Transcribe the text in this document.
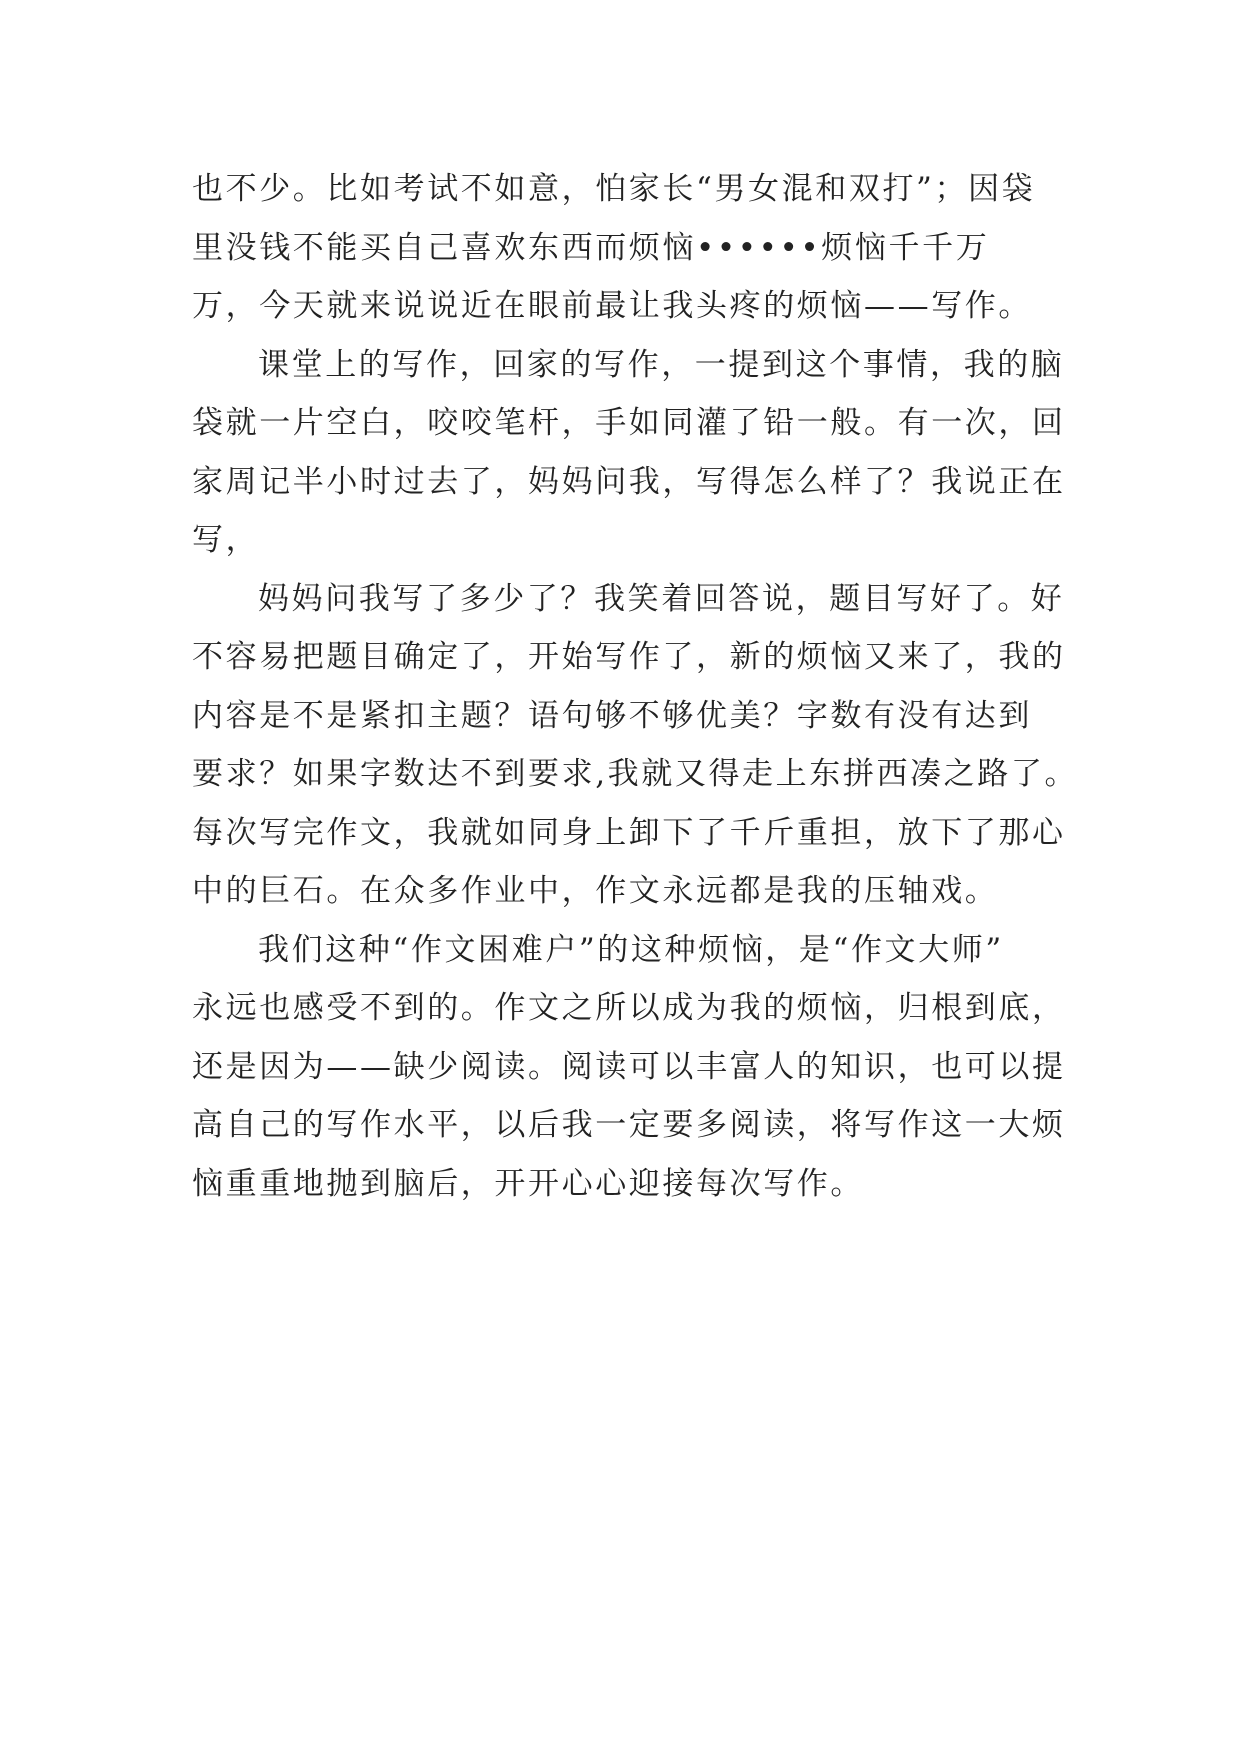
也不少。比如考试不如意，怕家长“男女混和双打”；因袋
里没钱不能买自己喜欢东西而烦恼••••••烦恼千千万
万，今天就来说说近在眼前最让我头疼的烦恼——写作。
课堂上的写作，回家的写作，一提到这个事情，我的脑
袋就一片空白，咬咬笔杆，手如同灌了铅一般。有一次，回
家周记半小时过去了，妈妈问我，写得怎么样了？我说正在
写，
妈妈问我写了多少了？我笑着回答说，题目写好了。好
不容易把题目确定了，开始写作了，新的烦恼又来了，我的
内容是不是紧扣主题？语句够不够优美？字数有没有达到
要求？如果字数达不到要求,我就又得走上东拼西凑之路了。
每次写完作文，我就如同身上卸下了千斤重担，放下了那心
中的巨石。在众多作业中，作文永远都是我的压轴戏。
我们这种“作文困难户”的这种烦恼，是“作文大师”
永远也感受不到的。作文之所以成为我的烦恼，归根到底，
还是因为——缺少阅读。阅读可以丰富人的知识，也可以提
高自己的写作水平，以后我一定要多阅读，将写作这一大烦
恼重重地抛到脑后，开开心心迎接每次写作。
